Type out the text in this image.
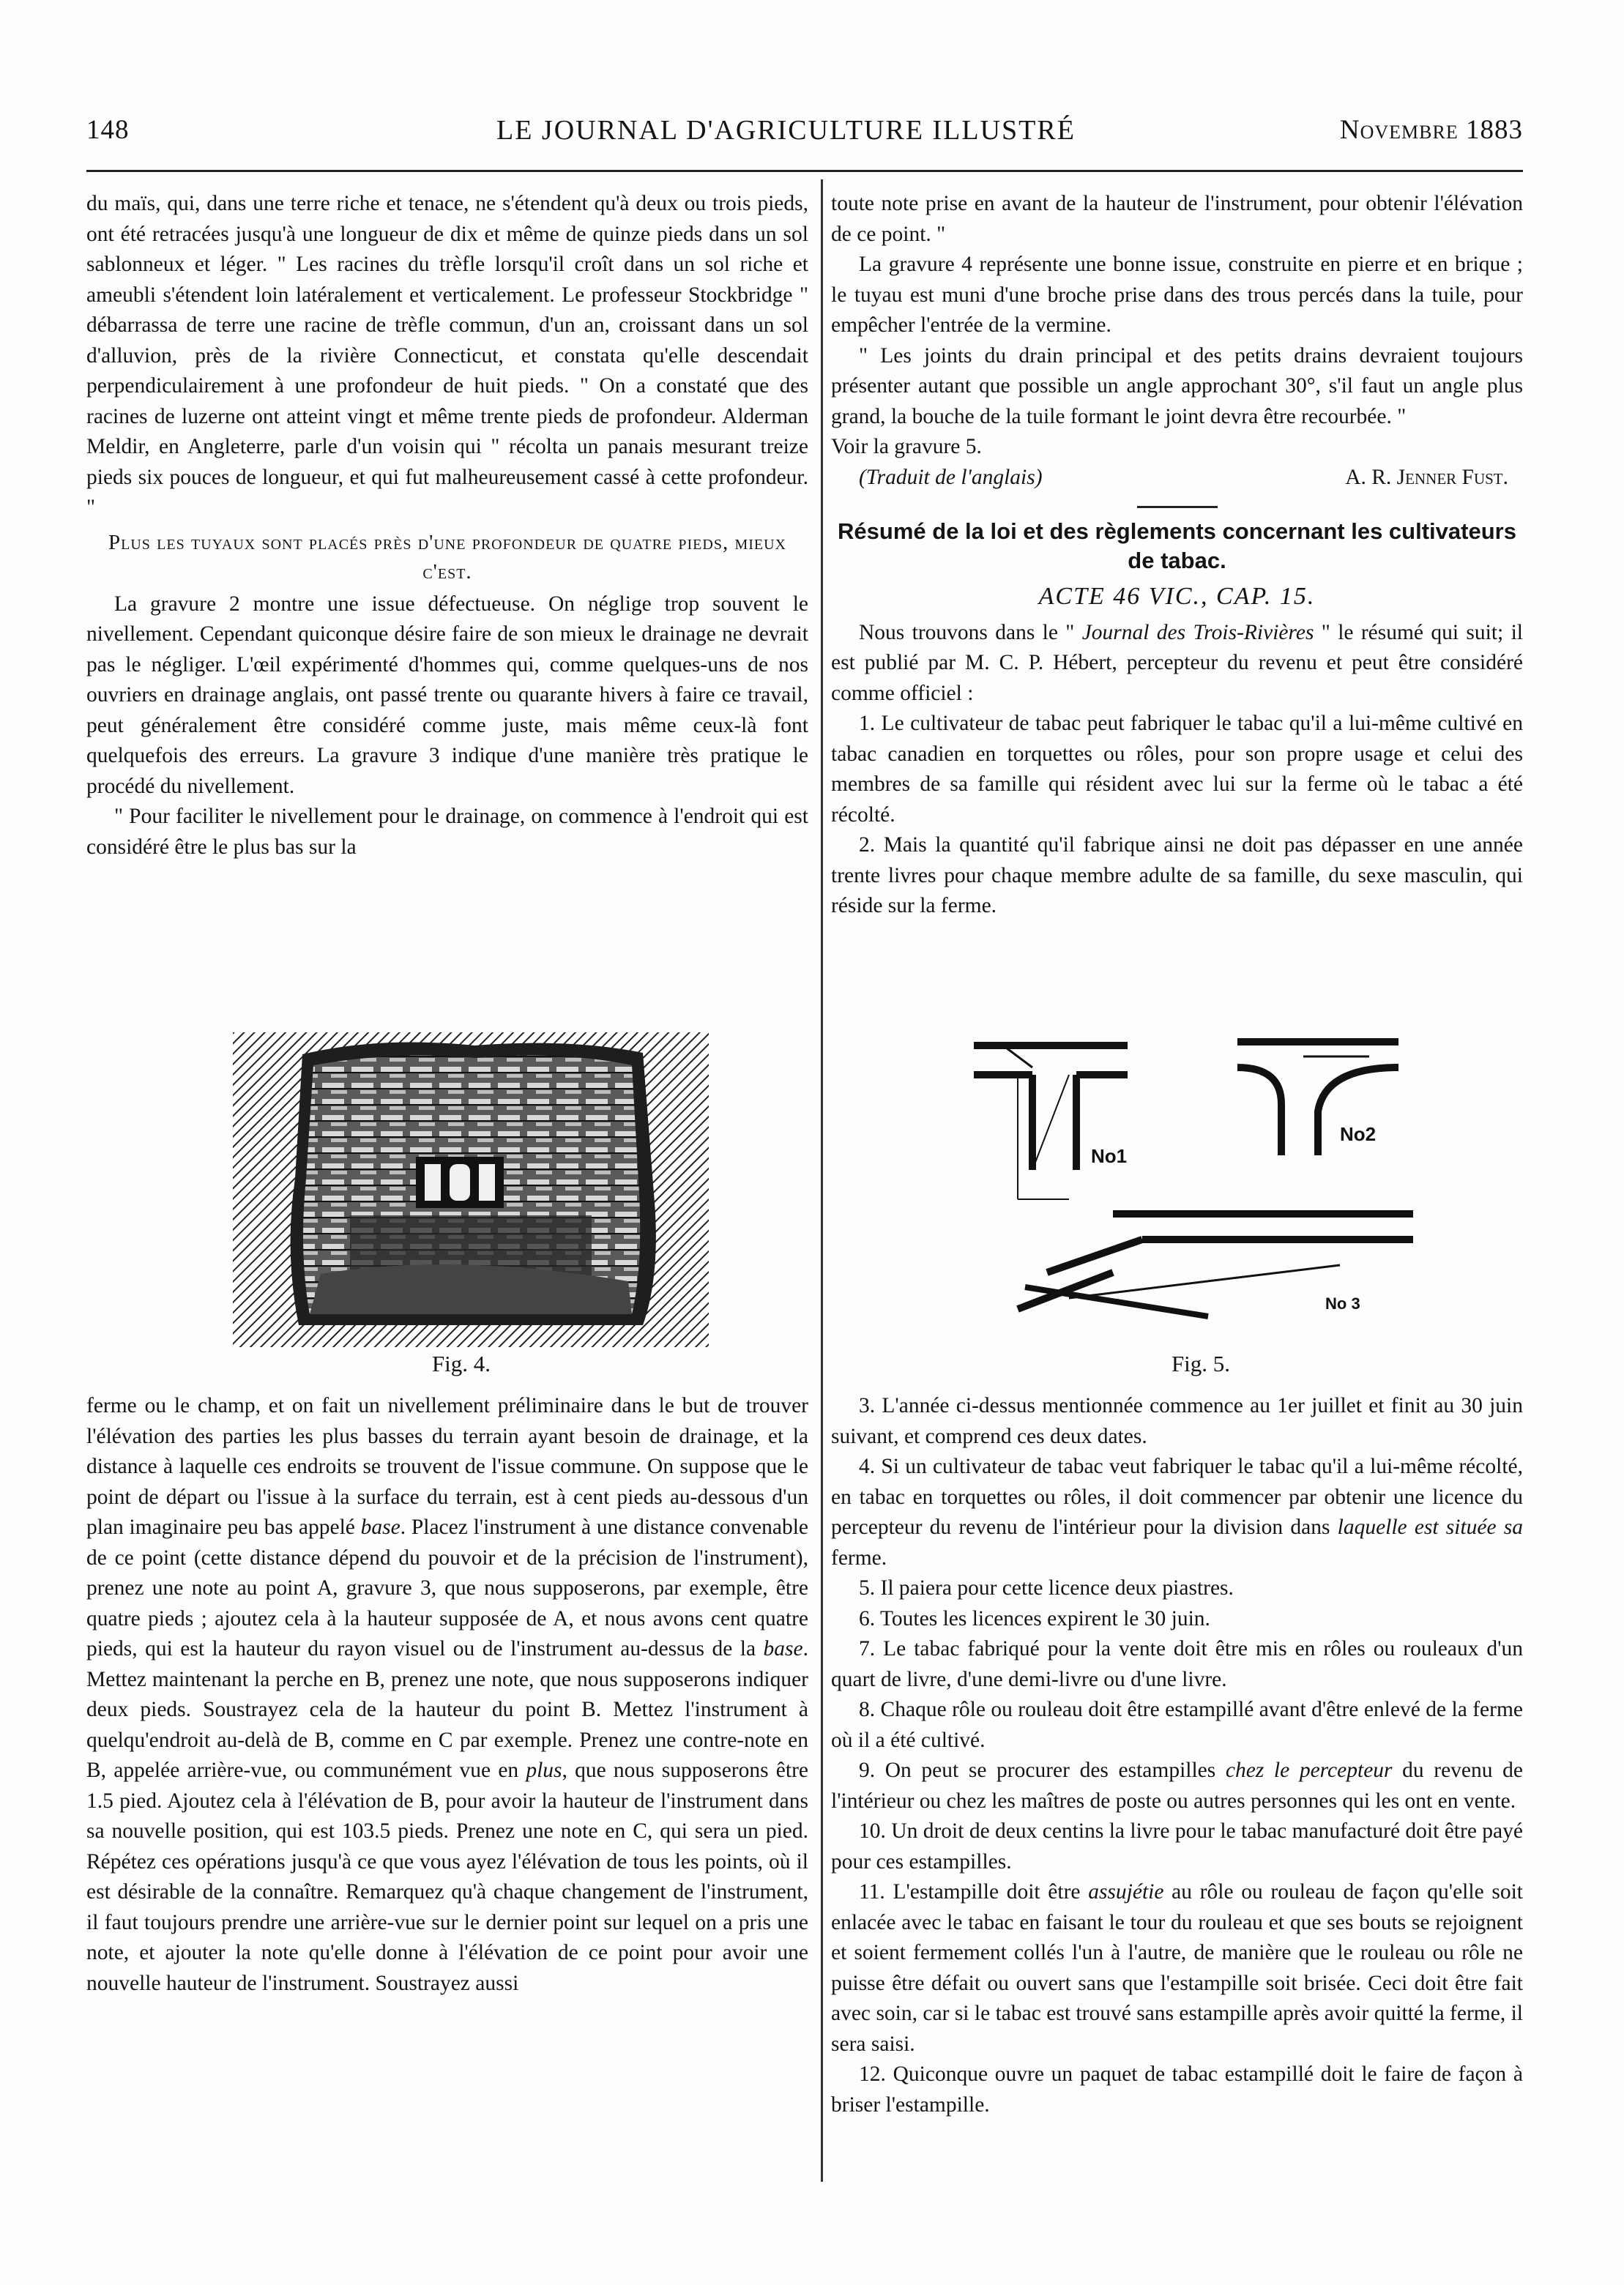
148	LE JOURNAL D'AGRICULTURE ILLUSTRÉ	Novembre 1883

du maïs, qui, dans une terre riche et tenace, ne s'étendent qu'à deux ou trois pieds, ont été retracées jusqu'à une longueur de dix et même de quinze pieds dans un sol sablonneux et léger. " Les racines du trèfle lorsqu'il croît dans un sol riche et ameubli s'étendent loin latéralement et verticalement. Le professeur Stockbridge " débarrassa de terre une racine de trèfle commun, d'un an, croissant dans un sol d'alluvion, près de la rivière Connecticut, et constata qu'elle descendait perpendiculairement à une profondeur de huit pieds. " On a constaté que des racines de luzerne ont atteint vingt et même trente pieds de profondeur. Alderman Meldir, en Angleterre, parle d'un voisin qui " récolta un panais mesurant treize pieds six pouces de longueur, et qui fut malheureusement cassé à cette profondeur. "

Plus les tuyaux sont placés près d'une profondeur de quatre pieds, mieux c'est.

La gravure 2 montre une issue défectueuse. On néglige trop souvent le nivellement. Cependant quiconque désire faire de son mieux le drainage ne devrait pas le négliger. L'œil expérimenté d'hommes qui, comme quelques-uns de nos ouvriers en drainage anglais, ont passé trente ou quarante hivers à faire ce travail, peut généralement être considéré comme juste, mais même ceux-là font quelquefois des erreurs. La gravure 3 indique d'une manière très pratique le procédé du nivellement.

" Pour faciliter le nivellement pour le drainage, on commence à l'endroit qui est considéré être le plus bas sur la

Fig. 4.

ferme ou le champ, et on fait un nivellement préliminaire dans le but de trouver l'élévation des parties les plus basses du terrain ayant besoin de drainage, et la distance à laquelle ces endroits se trouvent de l'issue commune. On suppose que le point de départ ou l'issue à la surface du terrain, est à cent pieds au-dessous d'un plan imaginaire peu bas appelé base. Placez l'instrument à une distance convenable de ce point (cette distance dépend du pouvoir et de la précision de l'instrument), prenez une note au point A, gravure 3, que nous supposerons, par exemple, être quatre pieds ; ajoutez cela à la hauteur supposée de A, et nous avons cent quatre pieds, qui est la hauteur du rayon visuel ou de l'instrument au-dessus de la base. Mettez maintenant la perche en B, prenez une note, que nous supposerons indiquer deux pieds. Soustrayez cela de la hauteur du point B. Mettez l'instrument à quelqu'endroit au-delà de B, comme en C par exemple. Prenez une contre-note en B, appelée arrière-vue, ou communément vue en plus, que nous supposerons être 1.5 pied. Ajoutez cela à l'élévation de B, pour avoir la hauteur de l'instrument dans sa nouvelle position, qui est 103.5 pieds. Prenez une note en C, qui sera un pied. Répétez ces opérations jusqu'à ce que vous ayez l'élévation de tous les points, où il est désirable de la connaître. Remarquez qu'à chaque changement de l'instrument, il faut toujours prendre une arrière-vue sur le dernier point sur lequel on a pris une note, et ajouter la note qu'elle donne à l'élévation de ce point pour avoir une nouvelle hauteur de l'instrument. Soustrayez aussi

toute note prise en avant de la hauteur de l'instrument, pour obtenir l'élévation de ce point. "

La gravure 4 représente une bonne issue, construite en pierre et en brique ; le tuyau est muni d'une broche prise dans des trous percés dans la tuile, pour empêcher l'entrée de la vermine.

" Les joints du drain principal et des petits drains devraient toujours présenter autant que possible un angle approchant 30°, s'il faut un angle plus grand, la bouche de la tuile formant le joint devra être recourbée. "

Voir la gravure 5.

(Traduit de l'anglais)	A. R. Jenner Fust.

Résumé de la loi et des règlements concernant les cultivateurs de tabac.

ACTE 46 VIC., CAP. 15.

Nous trouvons dans le " Journal des Trois-Rivières " le résumé qui suit; il est publié par M. C. P. Hébert, percepteur du revenu et peut être considéré comme officiel :

1. Le cultivateur de tabac peut fabriquer le tabac qu'il a lui-même cultivé en tabac canadien en torquettes ou rôles, pour son propre usage et celui des membres de sa famille qui résident avec lui sur la ferme où le tabac a été récolté.

2. Mais la quantité qu'il fabrique ainsi ne doit pas dépasser en une année trente livres pour chaque membre adulte de sa famille, du sexe masculin, qui réside sur la ferme.

No1
No2
No 3
Fig. 5.

3. L'année ci-dessus mentionnée commence au 1er juillet et finit au 30 juin suivant, et comprend ces deux dates.

4. Si un cultivateur de tabac veut fabriquer le tabac qu'il a lui-même récolté, en tabac en torquettes ou rôles, il doit commencer par obtenir une licence du percepteur du revenu de l'intérieur pour la division dans laquelle est située sa ferme.

5. Il paiera pour cette licence deux piastres.

6. Toutes les licences expirent le 30 juin.

7. Le tabac fabriqué pour la vente doit être mis en rôles ou rouleaux d'un quart de livre, d'une demi-livre ou d'une livre.

8. Chaque rôle ou rouleau doit être estampillé avant d'être enlevé de la ferme où il a été cultivé.

9. On peut se procurer des estampilles chez le percepteur du revenu de l'intérieur ou chez les maîtres de poste ou autres personnes qui les ont en vente.

10. Un droit de deux centins la livre pour le tabac manufacturé doit être payé pour ces estampilles.

11. L'estampille doit être assujétie au rôle ou rouleau de façon qu'elle soit enlacée avec le tabac en faisant le tour du rouleau et que ses bouts se rejoignent et soient fermement collés l'un à l'autre, de manière que le rouleau ou rôle ne puisse être défait ou ouvert sans que l'estampille soit brisée. Ceci doit être fait avec soin, car si le tabac est trouvé sans estampille après avoir quitté la ferme, il sera saisi.

12. Quiconque ouvre un paquet de tabac estampillé doit le faire de façon à briser l'estampille.
